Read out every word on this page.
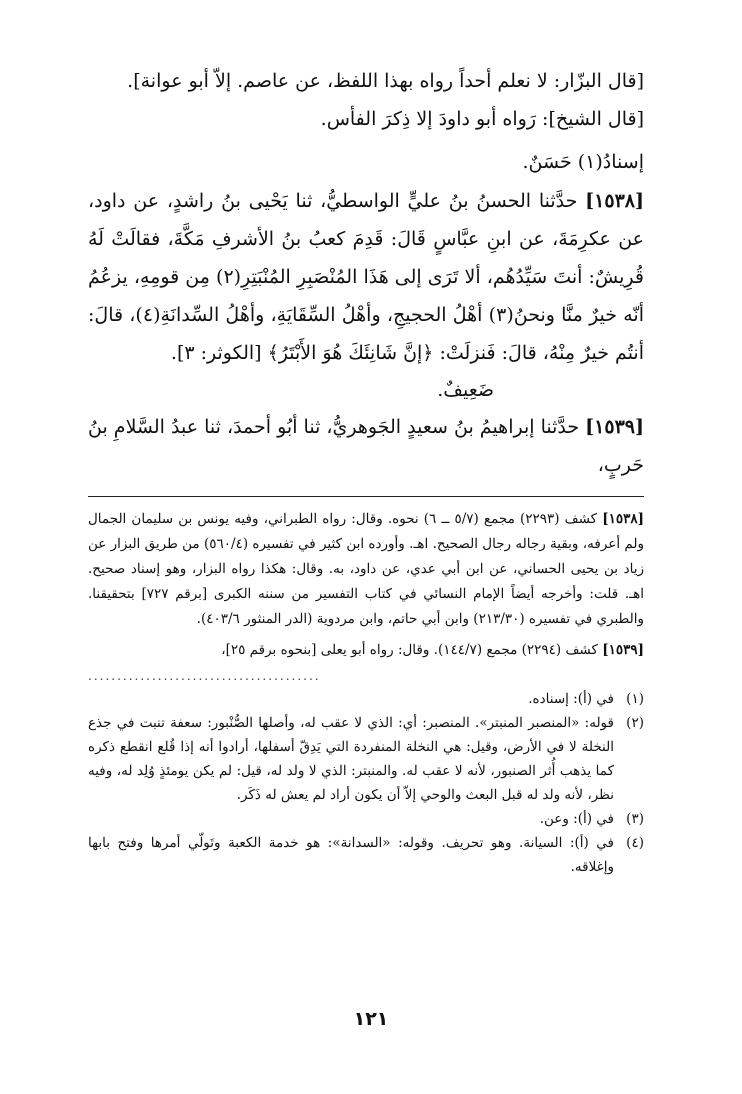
[قال البزّار: لا نعلم أحداً رواه بهذا اللفظ، عن عاصم. إلاّ أبو عوانة].

[قال الشيخ]: رَواه أبو داودَ إلا ذِكرَ الفأس.

إسنادُ(١) حَسَنٌ.

[١٥٣٨] حدَّثنا الحسنُ بنُ عليٍّ الواسطيُّ، ثنا يَحْيى بنُ راشدٍ، عن داود، عن عكرِمَةَ، عن ابنِ عبَّاسٍ قَالَ: قَدِمَ كعبُ بنُ الأشرفِ مَكَّةَ، فقالَتْ لَهُ قُرِيشٌ: أنتَ سَيِّدُهُم، ألا تَرَى إلى هَذَا المُنْصَبِرِ المُنْبَتِرِ(٢) مِن قومِهِ، يزعُمُ أنّه خيرٌ منَّا ونحنُ(٣) أهْلُ الحجيجِ، وأهْلُ السِّقَايَةِ، وأهْلُ السِّدانَةِ(٤)، قالَ: أنتُم خيرٌ مِنْهُ، قالَ: فَنزلَتْ: ﴿إنَّ شَانِئَكَ هُوَ الأَبْتَرُ﴾ [الكوثر: ٣].

ضَعِيفٌ.

[١٥٣٩] حدَّثنا إبراهيمُ بنُ سعيدٍ الجَوهريُّ، ثنا أبُو أحمدَ، ثنا عبدُ السَّلامِ بنُ حَربٍ،

[١٥٣٨] كشف (٢٢٩٣) مجمع (٥/٧ ــ ٦) نحوه. وقال: رواه الطبراني، وفيه يونس بن سليمان الجمال ولم أعرفه، وبقية رجاله رجال الصحيح. اهـ. وأورده ابن كثير في تفسيره (٥٦٠/٤) من طريق البزار عن زياد بن يحيى الحساني، عن ابن أبي عدي، عن داود، به. وقال: هكذا رواه البزار، وهو إسناد صحيح. اهـ. قلت: وأخرجه أيضاً الإمام النسائي في كتاب التفسير من سننه الكبرى [برقم ٧٢٧] بتحقيقنا. والطبري في تفسيره (٢١٣/٣٠) وابن أبي حاتم، وابن مردوية (الدر المنثور ٤٠٣/٦).

[١٥٣٩] كشف (٢٢٩٤) مجمع (١٤٤/٧). وقال: رواه أبو يعلى [بنحوه برقم ٢٥]،

........................................

(١)
في (أ): إسناده.
(٢)
قوله: «المنصبر المنبتر». المنصبر: أي: الذي لا عقب له، وأصلها الصُّنْبور: سعفة تنبت في جذع النخلة لا في الأرض، وقيل: هي النخلة المنفردة التي يَدِقّ أسفلها، أرادوا أنه إذا قُلع انقطع ذكره كما يذهب أُثر الصنبور، لأنه لا عقب له. والمنبتر: الذي لا ولد له، قيل: لم يكن يومئذٍ وُلِد له، وفيه نظر، لأنه ولد له قبل البعث والوحي إلاّ أن يكون أراد لم يعش له ذَكَر.
(٣)
في (أ): وعن.
(٤)
في (أ): السيانة. وهو تحريف. وقوله: «السدانة»: هو خدمة الكعبة وتَولّي أمرها وفتح بابها وإغلاقه.
١٢١
